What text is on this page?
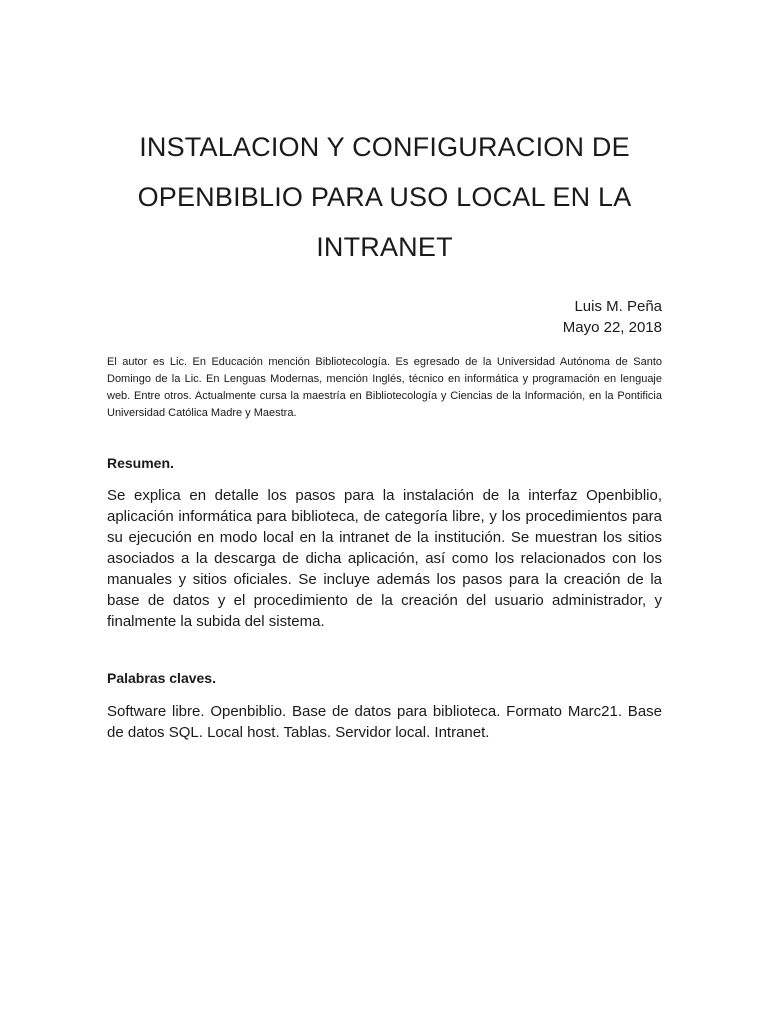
INSTALACION Y CONFIGURACION DE
OPENBIBLIO PARA USO LOCAL EN LA
INTRANET
Luis M. Peña
Mayo 22, 2018

El autor es Lic. En Educación mención Bibliotecología. Es egresado de la Universidad Autónoma de Santo Domingo de la Lic. En Lenguas Modernas, mención Inglés, técnico en informática y programación en lenguaje web. Entre otros. Actualmente cursa la maestría en Bibliotecología y Ciencias de la Información, en la Pontificia Universidad Católica Madre y Maestra.

Resumen.

Se explica en detalle los pasos para la instalación de la interfaz Openbiblio, aplicación informática para biblioteca, de categoría libre, y los procedimientos para su ejecución en modo local en la intranet de la institución. Se muestran los sitios asociados a la descarga de dicha aplicación, así como los relacionados con los manuales y sitios oficiales. Se incluye además los pasos para la creación de la base de datos y el procedimiento de la creación del usuario administrador, y finalmente la subida del sistema.

Palabras claves.

Software libre. Openbiblio. Base de datos para biblioteca. Formato Marc21. Base de datos SQL. Local host. Tablas. Servidor local. Intranet.
